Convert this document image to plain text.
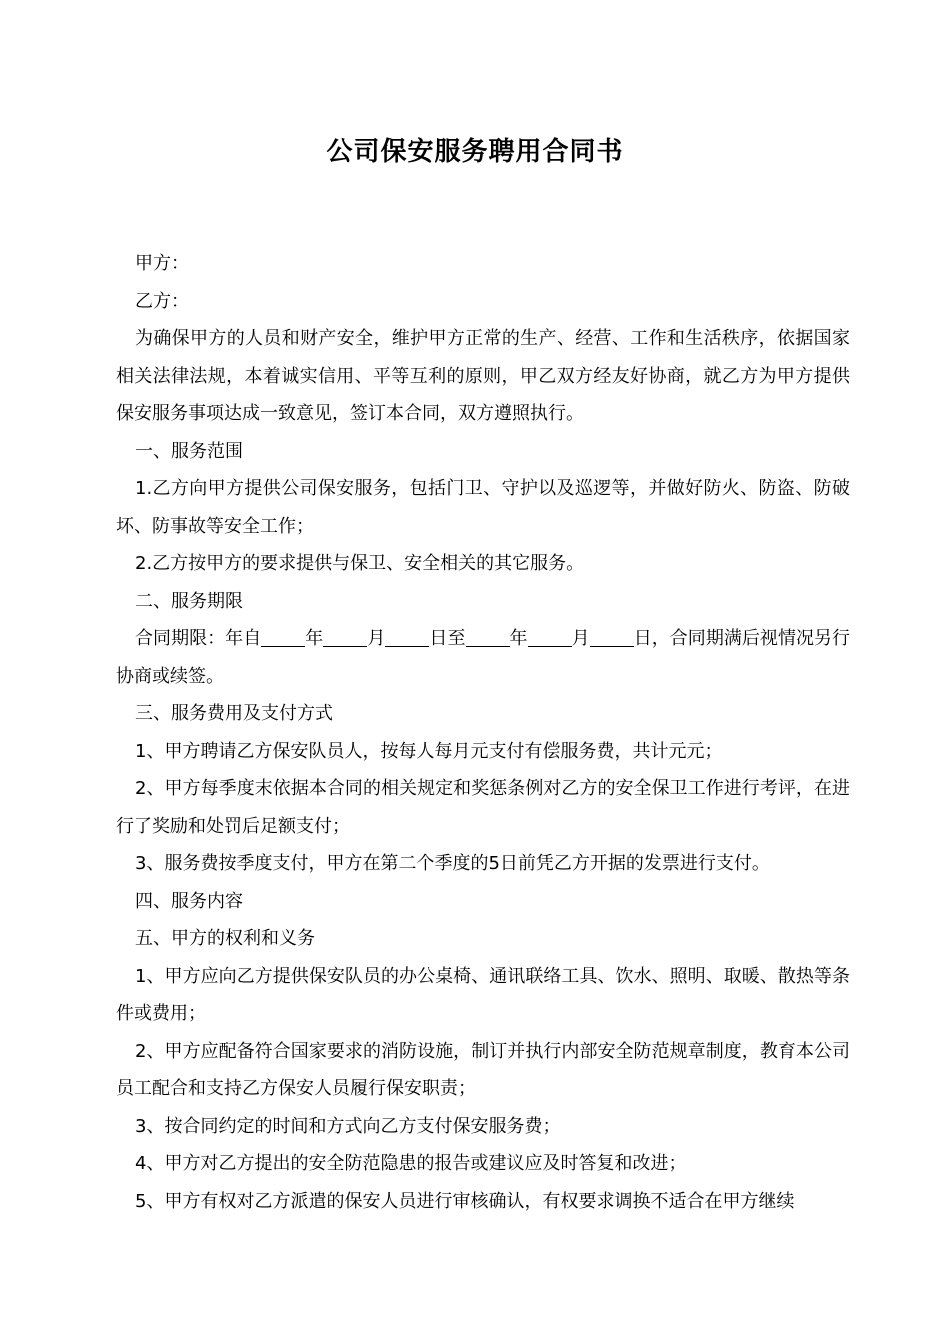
公司保安服务聘用合同书

甲方：

乙方：

为确保甲方的人员和财产安全，维护甲方正常的生产、经营、工作和生活秩序，依据国家相关法律法规，本着诚实信用、平等互利的原则，甲乙双方经友好协商，就乙方为甲方提供保安服务事项达成一致意见，签订本合同，双方遵照执行。

一、服务范围

1.乙方向甲方提供公司保安服务，包括门卫、守护以及巡逻等，并做好防火、防盗、防破坏、防事故等安全工作；

2.乙方按甲方的要求提供与保卫、安全相关的其它服务。

二、服务期限

合同期限：年自 年 月 日至 年 月 日，合同期满后视情况另行协商或续签。

三、服务费用及支付方式

1、甲方聘请乙方保安队员人，按每人每月元支付有偿服务费，共计元元；

2、甲方每季度末依据本合同的相关规定和奖惩条例对乙方的安全保卫工作进行考评，在进行了奖励和处罚后足额支付；

3、服务费按季度支付，甲方在第二个季度的5日前凭乙方开据的发票进行支付。

四、服务内容

五、甲方的权利和义务

1、甲方应向乙方提供保安队员的办公桌椅、通讯联络工具、饮水、照明、取暖、散热等条件或费用；

2、甲方应配备符合国家要求的消防设施，制订并执行内部安全防范规章制度，教育本公司员工配合和支持乙方保安人员履行保安职责；

3、按合同约定的时间和方式向乙方支付保安服务费；

4、甲方对乙方提出的安全防范隐患的报告或建议应及时答复和改进；

5、甲方有权对乙方派遣的保安人员进行审核确认，有权要求调换不适合在甲方继续
